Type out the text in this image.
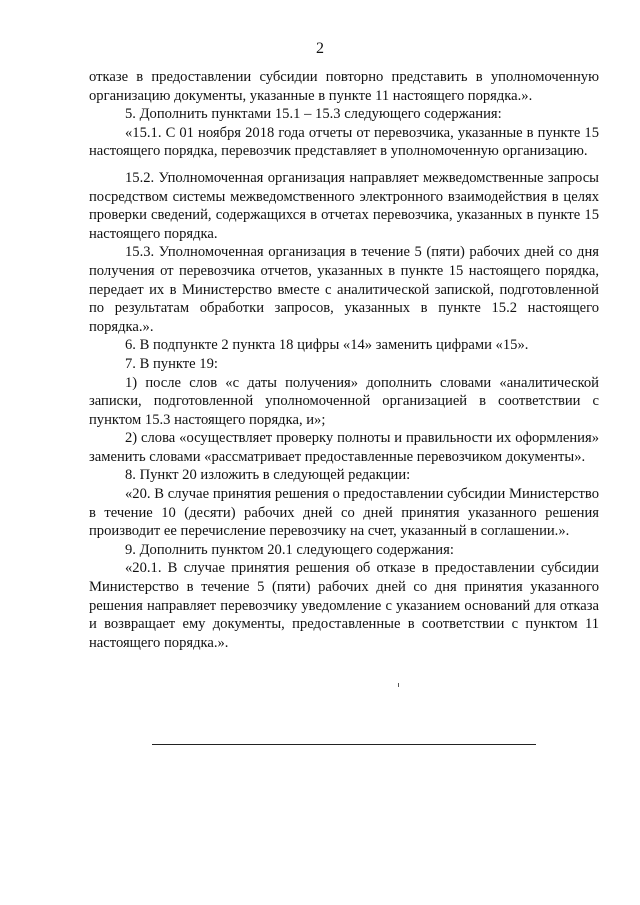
2

отказе в предоставлении субсидии повторно представить в уполномоченную организацию документы, указанные в пункте 11 настоящего порядка.».

5. Дополнить пунктами 15.1 – 15.3 следующего содержания:

«15.1. С 01 ноября 2018 года отчеты от перевозчика, указанные в пункте 15 настоящего порядка, перевозчик представляет в уполномоченную организацию.

15.2. Уполномоченная организация направляет межведомственные запросы посредством системы межведомственного электронного взаимодействия в целях проверки сведений, содержащихся в отчетах перевозчика, указанных в пункте 15 настоящего порядка.

15.3. Уполномоченная организация в течение 5 (пяти) рабочих дней со дня получения от перевозчика отчетов, указанных в пункте 15 настоящего порядка, передает их в Министерство вместе с аналитической запиской, подготовленной по результатам обработки запросов, указанных в пункте 15.2 настоящего порядка.».

6. В подпункте 2 пункта 18 цифры «14» заменить цифрами «15».

7. В пункте 19:

1) после слов «с даты получения» дополнить словами «аналитической записки, подготовленной уполномоченной организацией в соответствии с пунктом 15.3 настоящего порядка, и»;

2) слова «осуществляет проверку полноты и правильности их оформления» заменить словами «рассматривает предоставленные перевозчиком документы».

8. Пункт 20 изложить в следующей редакции:

«20. В случае принятия решения о предоставлении субсидии Министерство в течение 10 (десяти) рабочих дней со дней принятия указанного решения производит ее перечисление перевозчику на счет, указанный в соглашении.».

9. Дополнить пунктом 20.1 следующего содержания:

«20.1. В случае принятия решения об отказе в предоставлении субсидии Министерство в течение 5 (пяти) рабочих дней со дня принятия указанного решения направляет перевозчику уведомление с указанием оснований для отказа и возвращает ему документы, предоставленные в соответствии с пунктом 11 настоящего порядка.».
